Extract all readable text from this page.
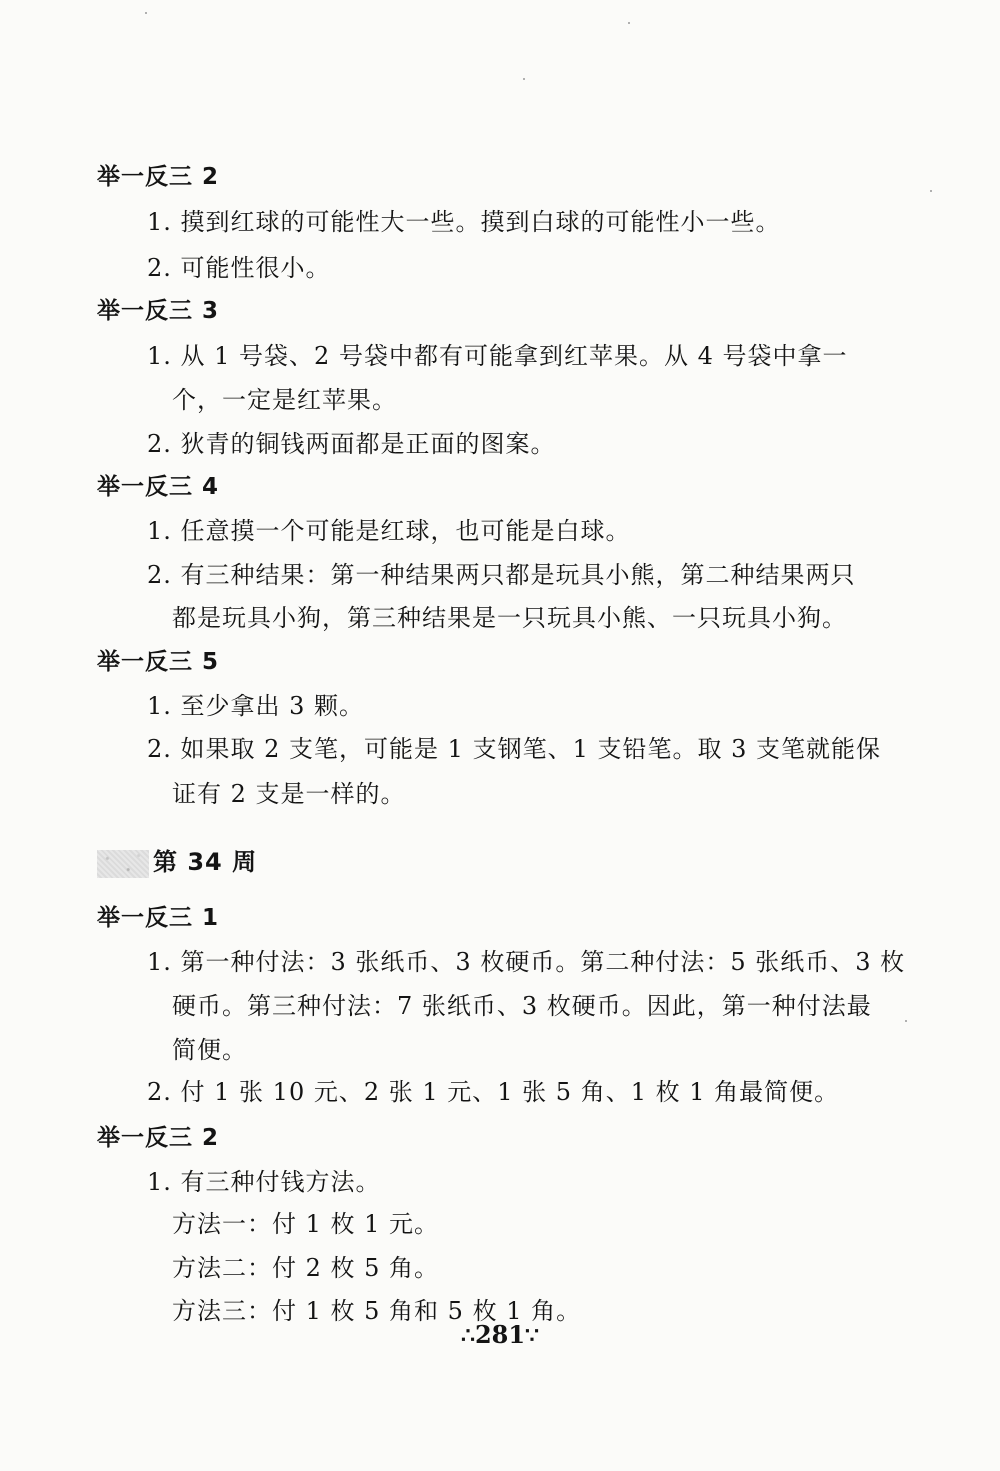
举一反三 2
1. 摸到红球的可能性大一些。摸到白球的可能性小一些。
2. 可能性很小。
举一反三 3
1. 从 1 号袋、2 号袋中都有可能拿到红苹果。从 4 号袋中拿一
个，一定是红苹果。
2. 狄青的铜钱两面都是正面的图案。
举一反三 4
1. 任意摸一个可能是红球，也可能是白球。
2. 有三种结果：第一种结果两只都是玩具小熊，第二种结果两只
都是玩具小狗，第三种结果是一只玩具小熊、一只玩具小狗。
举一反三 5
1. 至少拿出 3 颗。
2. 如果取 2 支笔，可能是 1 支钢笔、1 支铅笔。取 3 支笔就能保
证有 2 支是一样的。
第 34 周
举一反三 1
1. 第一种付法：3 张纸币、3 枚硬币。第二种付法：5 张纸币、3 枚
硬币。第三种付法：7 张纸币、3 枚硬币。因此，第一种付法最
简便。
2. 付 1 张 10 元、2 张 1 元、1 张 5 角、1 枚 1 角最简便。
举一反三 2
1. 有三种付钱方法。
方法一：付 1 枚 1 元。
方法二：付 2 枚 5 角。
方法三：付 1 枚 5 角和 5 枚 1 角。
∴281∵
